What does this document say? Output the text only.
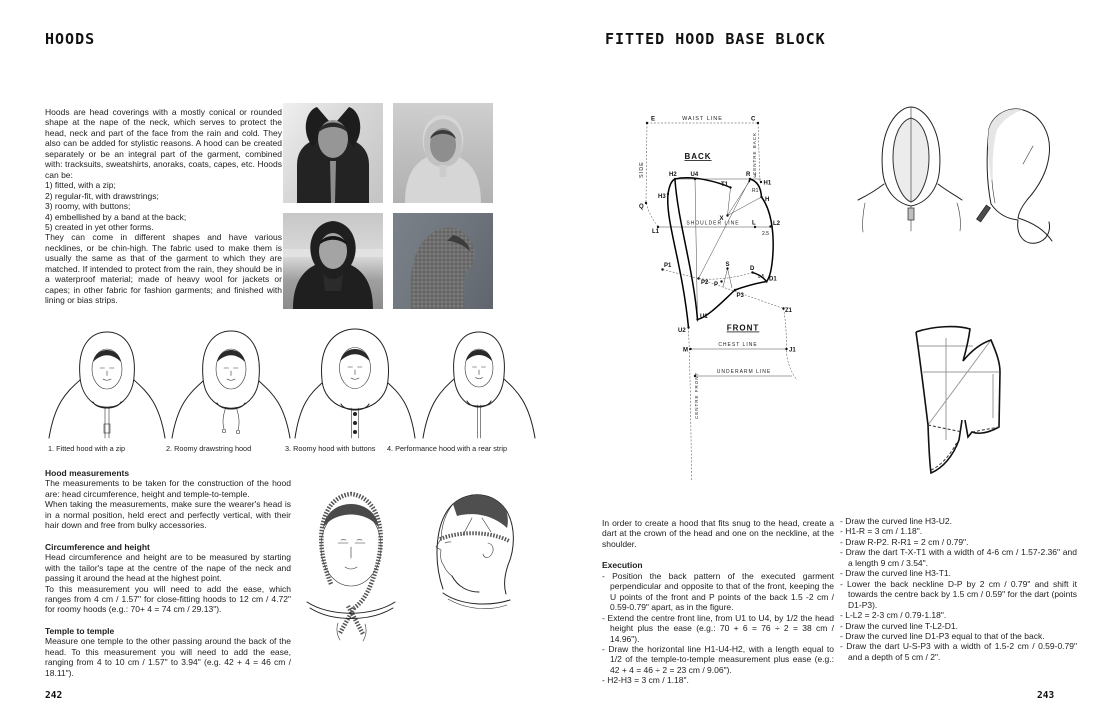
HOODS

Hoods are head coverings with a mostly conical or rounded shape at the nape of the neck, which serves to protect the head, neck and part of the face from the rain and cold. They also can be added for stylistic reasons. A hood can be created separately or be an integral part of the garment, combined with: tracksuits, sweatshirts, anoraks, coats, capes, etc. Hoods can be:

1) fitted, with a zip;
2) regular-fit, with drawstrings;
3) roomy, with buttons;
4) embellished by a band at the back;
5) created in yet other forms.

They can come in different shapes and have various necklines, or be chin-high. The fabric used to make them is usually the same as that of the garment to which they are matched. If intended to protect from the rain, they should be in a waterproof material; made of heavy wool for jackets or capes; in other fabric for fashion garments; and finished with lining or bias strips.

1. Fitted hood with a zip	2. Roomy drawstring hood	3. Roomy hood with buttons 4. Performance hood with a rear strip
Hood measurements

The measurements to be taken for the construction of the hood are: head circumference, height and temple-to-temple.

When taking the measurements, make sure the wearer's head is in a normal position, held erect and perfectly vertical, with their hair down and free from bulky accessories.

Circumference and height

Head circumference and height are to be measured by starting with the tailor's tape at the centre of the nape of the neck and passing it around the head at the highest point.

To this measurement you will need to add the ease, which ranges from 4 cm / 1.57" for close-fitting hoods to 12 cm / 4.72" for roomy hoods (e.g.: 70+ 4 = 74 cm / 29.13").

Temple to temple

Measure one temple to the other passing around the back of the head. To this measurement you will need to add the ease, ranging from 4 to 10 cm / 1.57" to 3.94" (e.g. 42 + 4 = 46 cm / 18.11").

242
FITTED HOOD BASE BLOCK
WAIST LINE
SIDE	CENTRE BACK
BACK
SHOULDER LINE
FRONT
CHEST LINE
UNDERARM LINE
CENTRE FRONT
E	C
Q
H2 U4	R 3
H1
R1
H3
T1
H
X
L1
L L2
2.5
P1
P2
S
P
D
1.5 D1
P3
Z1
U1
U2
M	J1

In order to create a hood that fits snug to the head, create a dart at the crown of the head and one on the neckline, at the shoulder.

Execution
- Position the back pattern of the executed garment perpendicular and opposite to that of the front, keeping the U points of the front and P points of the back 1.5 -2 cm / 0.59-0.79" apart, as in the figure.
- Extend the centre front line, from U1 to U4, by 1/2 the head height plus the ease (e.g.: 70 + 6 = 76 ÷ 2 = 38 cm / 14.96").
- Draw the horizontal line H1-U4-H2, with a length equal to 1/2 of the temple-to-temple measurement plus ease (e.g.: 42 + 4 = 46 ÷ 2 = 23 cm / 9.06").
- H2-H3 = 3 cm / 1.18".
- Draw the curved line H3-U2.
- H1-R = 3 cm / 1.18".
- Draw R-P2. R-R1 = 2 cm / 0.79".
- Draw the dart T-X-T1 with a width of 4-6 cm / 1.57-2.36" and a length 9 cm / 3.54".
- Draw the curved line H3-T1.
- Lower the back neckline D-P by 2 cm / 0.79" and shift it towards the centre back by 1.5 cm / 0.59" for the dart (points D1-P3).
- L-L2 = 2-3 cm / 0.79-1.18".
- Draw the curved line T-L2-D1.
- Draw the curved line D1-P3 equal to that of the back.
- Draw the dart U-S-P3 with a width of 1.5-2 cm / 0.59-0.79" and a depth of 5 cm / 2".
243
